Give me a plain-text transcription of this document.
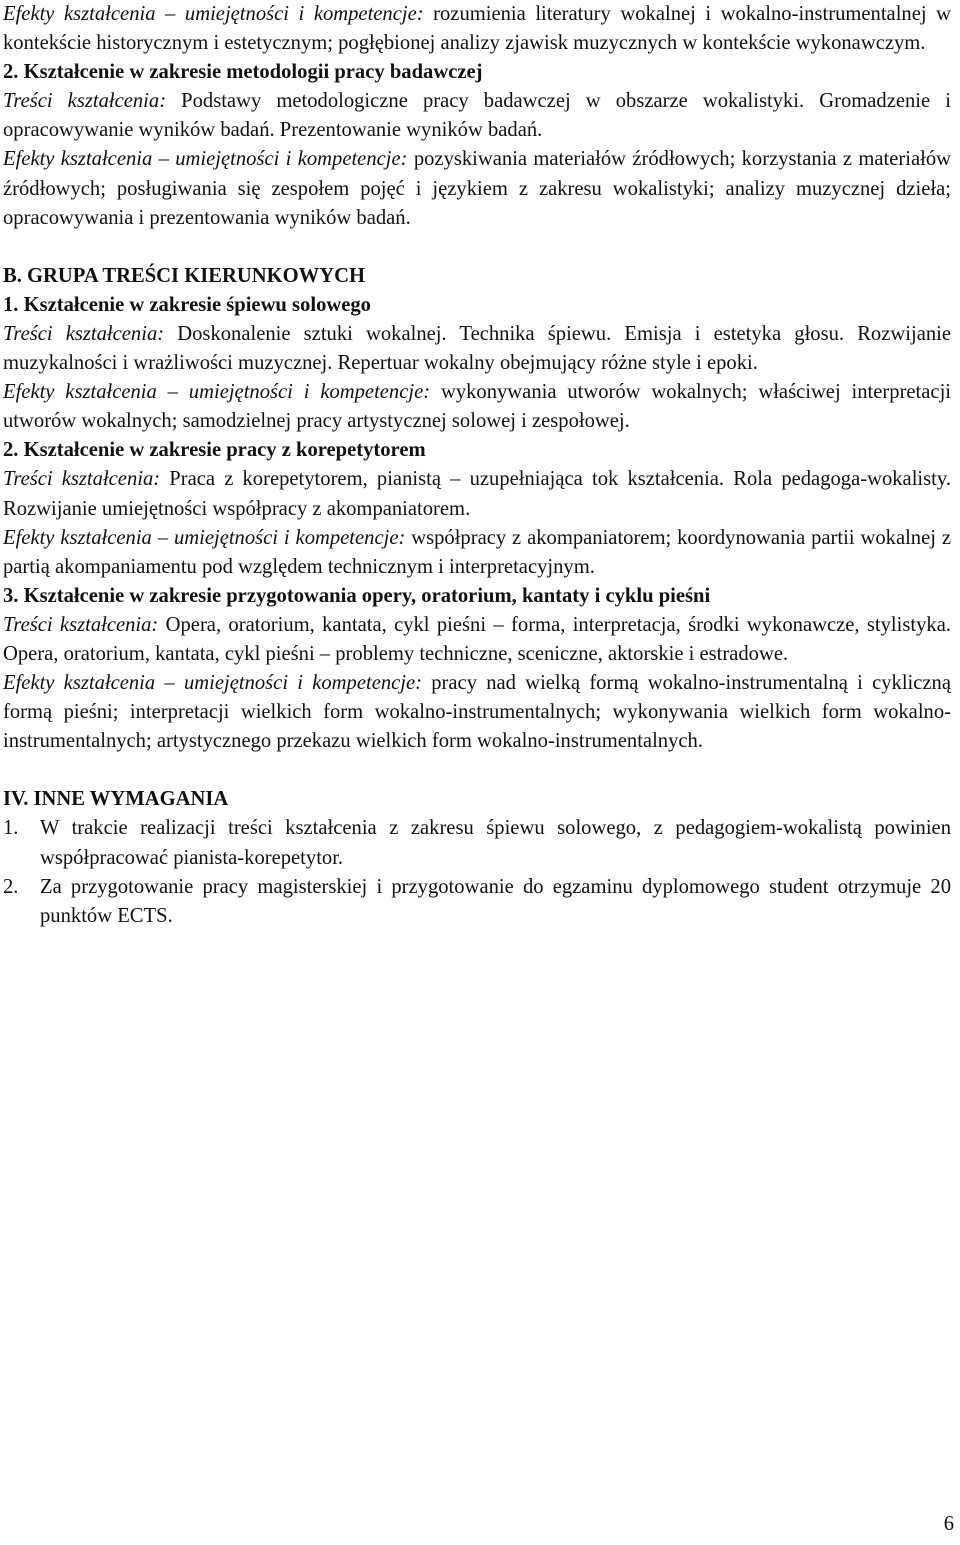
Efekty kształcenia – umiejętności i kompetencje: rozumienia literatury wokalnej i wokalno-instrumentalnej w kontekście historycznym i estetycznym; pogłębionej analizy zjawisk muzycznych w kontekście wykonawczym.

2. Kształcenie w zakresie metodologii pracy badawczej

Treści kształcenia: Podstawy metodologiczne pracy badawczej w obszarze wokalistyki. Gromadzenie i opracowywanie wyników badań. Prezentowanie wyników badań.

Efekty kształcenia – umiejętności i kompetencje: pozyskiwania materiałów źródłowych; korzystania z materiałów źródłowych; posługiwania się zespołem pojęć i językiem z zakresu wokalistyki; analizy muzycznej dzieła; opracowywania i prezentowania wyników badań.

B. GRUPA TREŚCI KIERUNKOWYCH

1. Kształcenie w zakresie śpiewu solowego

Treści kształcenia: Doskonalenie sztuki wokalnej. Technika śpiewu. Emisja i estetyka głosu. Rozwijanie muzykalności i wrażliwości muzycznej. Repertuar wokalny obejmujący różne style i epoki.

Efekty kształcenia – umiejętności i kompetencje: wykonywania utworów wokalnych; właściwej interpretacji utworów wokalnych; samodzielnej pracy artystycznej solowej i zespołowej.

2. Kształcenie w zakresie pracy z korepetytorem

Treści kształcenia: Praca z korepetytorem, pianistą – uzupełniająca tok kształcenia. Rola pedagoga-wokalisty. Rozwijanie umiejętności współpracy z akompaniatorem.

Efekty kształcenia – umiejętności i kompetencje: współpracy z akompaniatorem; koordynowania partii wokalnej z partią akompaniamentu pod względem technicznym i interpretacyjnym.

3. Kształcenie w zakresie przygotowania opery, oratorium, kantaty i cyklu pieśni

Treści kształcenia: Opera, oratorium, kantata, cykl pieśni – forma, interpretacja, środki wykonawcze, stylistyka. Opera, oratorium, kantata, cykl pieśni – problemy techniczne, sceniczne, aktorskie i estradowe.

Efekty kształcenia – umiejętności i kompetencje: pracy nad wielką formą wokalno-instrumentalną i cykliczną formą pieśni; interpretacji wielkich form wokalno-instrumentalnych; wykonywania wielkich form wokalno-instrumentalnych; artystycznego przekazu wielkich form wokalno-instrumentalnych.

IV. INNE WYMAGANIA

1.	W trakcie realizacji treści kształcenia z zakresu śpiewu solowego, z pedagogiem-wokalistą powinien współpracować pianista-korepetytor.
2.	Za przygotowanie pracy magisterskiej i przygotowanie do egzaminu dyplomowego student otrzymuje 20 punktów ECTS.
6
